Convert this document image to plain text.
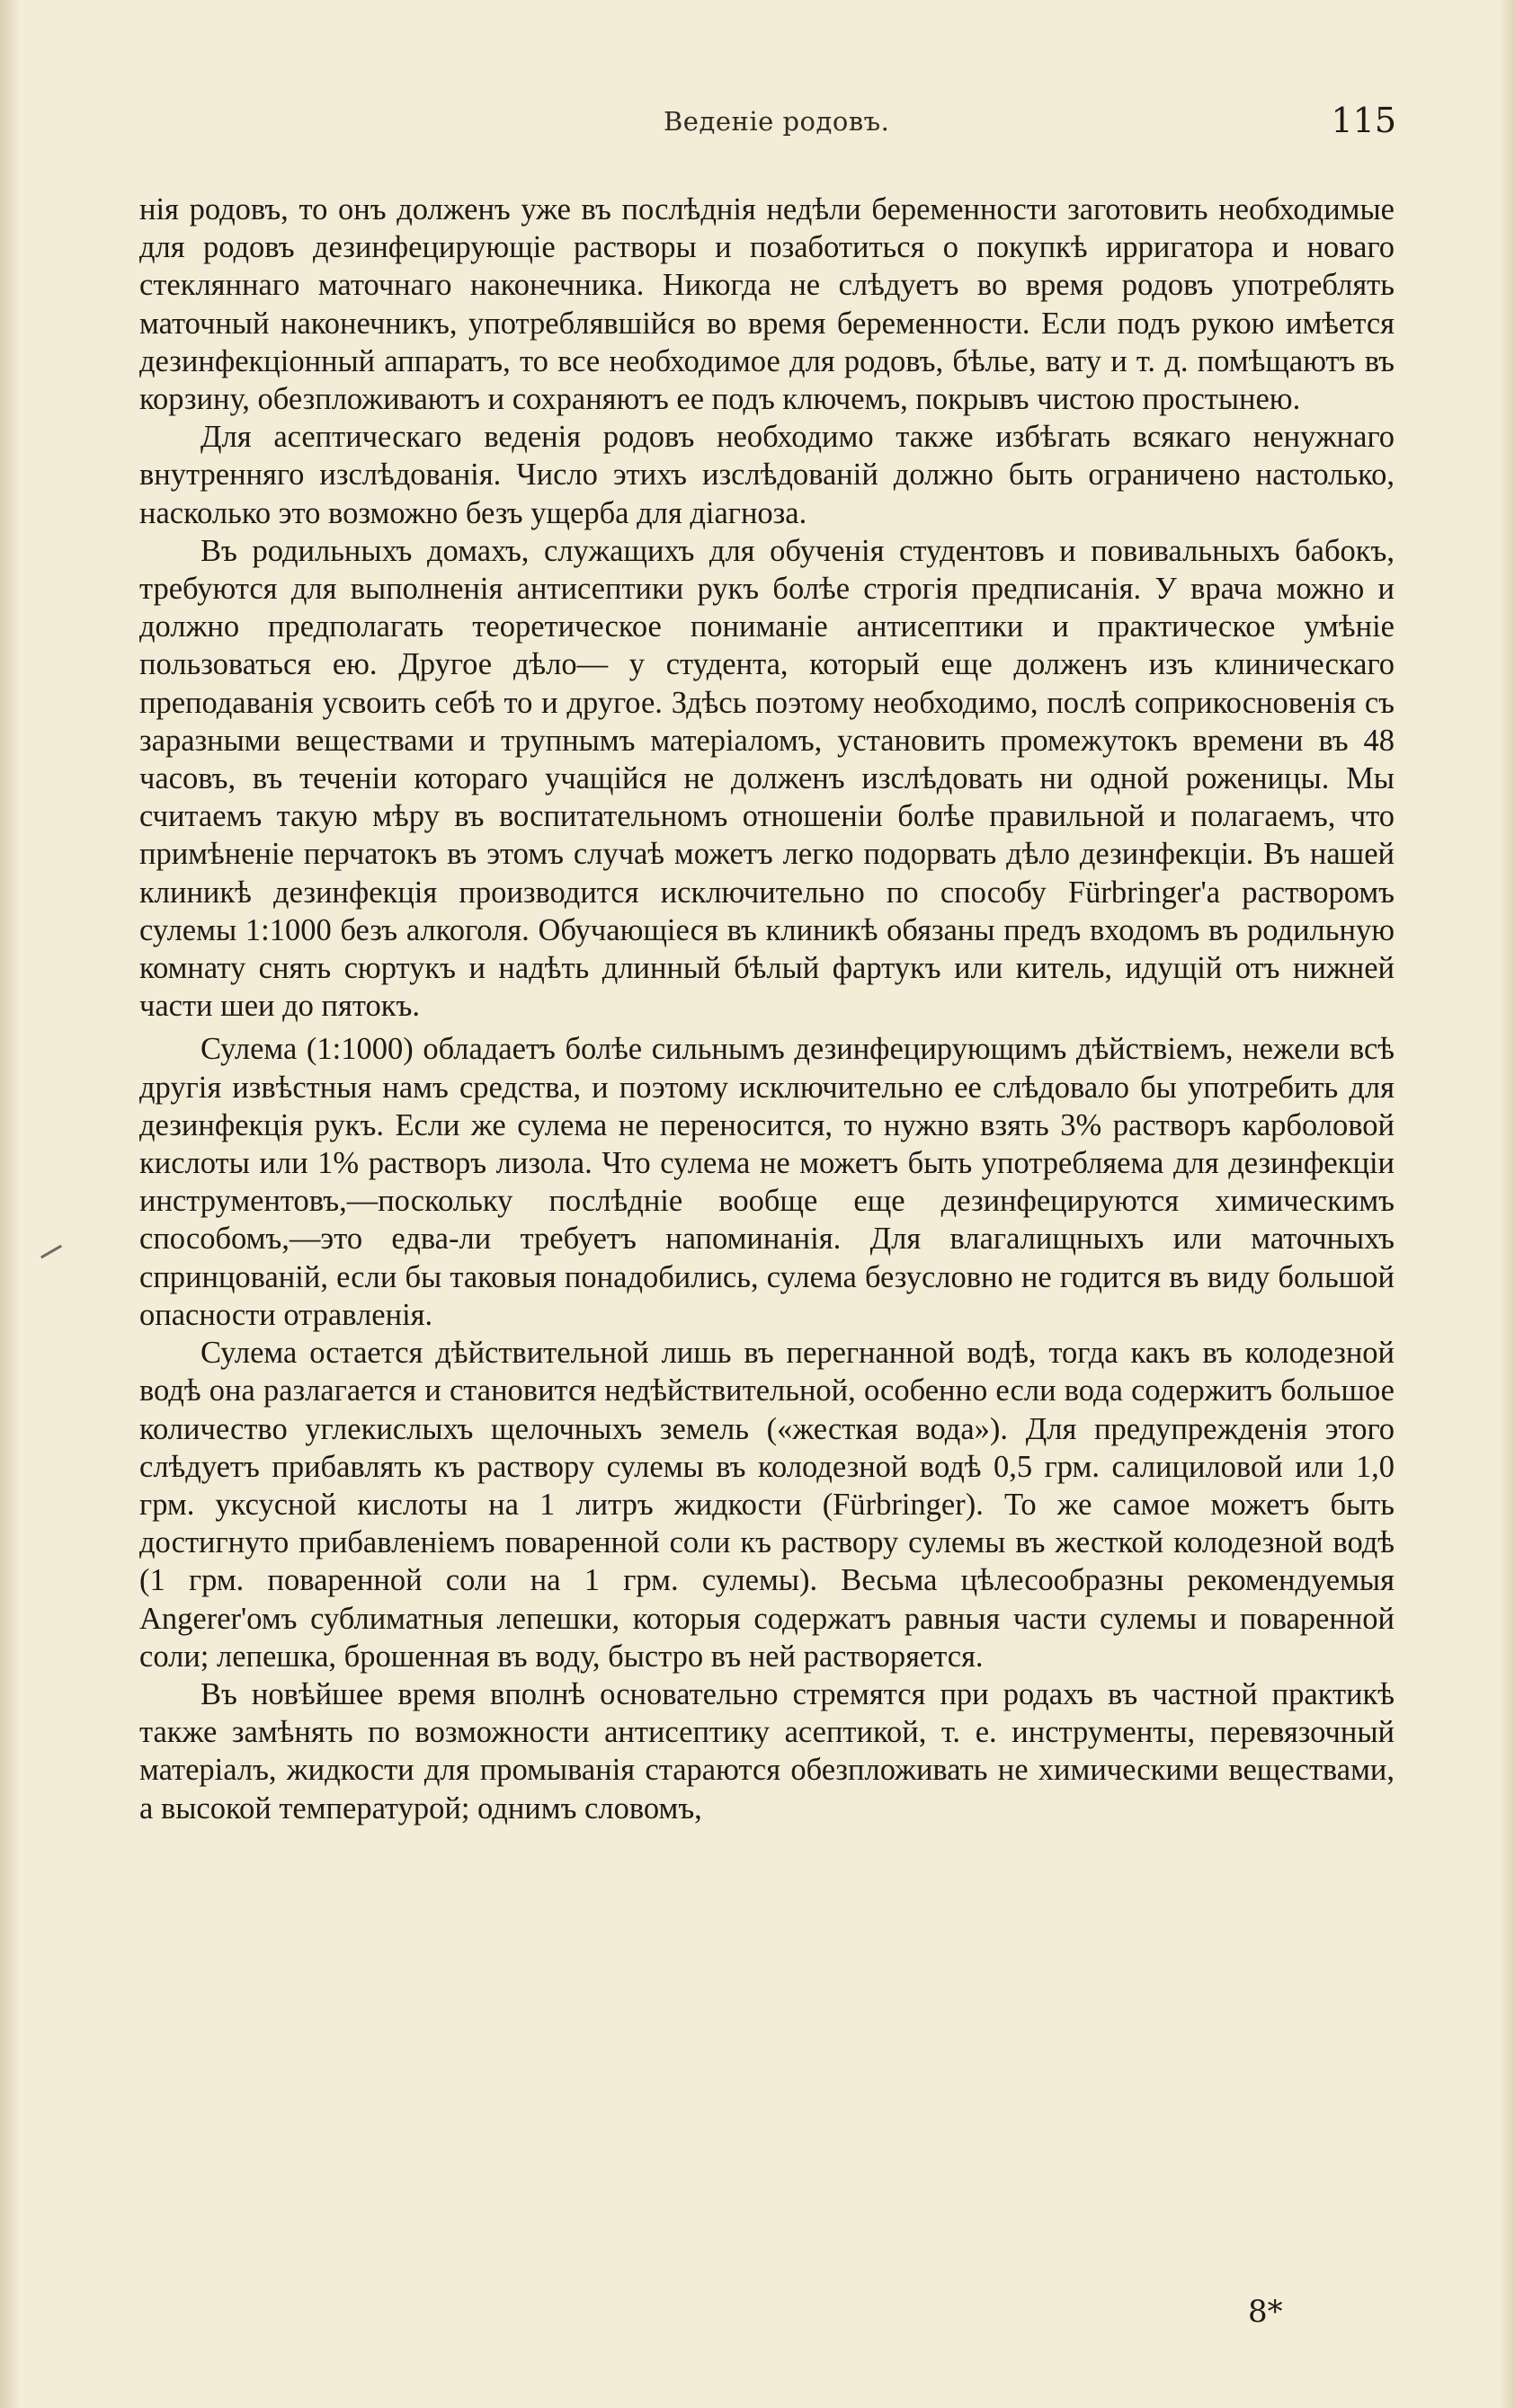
Веденіе родовъ.	115

нія родовъ, то онъ долженъ уже въ послѣднія недѣли беременности заготовить необходимые для родовъ дезинфецирующіе растворы и позаботиться о покупкѣ ирригатора и новаго стекляннаго маточнаго наконечника. Никогда не слѣдуетъ во время родовъ употреблять маточный наконечникъ, употреблявшійся во время беременности. Если подъ рукою имѣется дезинфекціонный аппаратъ, то все необходимое для родовъ, бѣлье, вату и т. д. помѣщаютъ въ корзину, обезпложиваютъ и сохраняютъ ее подъ ключемъ, покрывъ чистою простынею.

Для асептическаго веденія родовъ необходимо также избѣгать всякаго ненужнаго внутренняго изслѣдованія. Число этихъ изслѣдованій должно быть ограничено настолько, насколько это возможно безъ ущерба для діагноза.

Въ родильныхъ домахъ, служащихъ для обученія студентовъ и повивальныхъ бабокъ, требуются для выполненія антисептики рукъ болѣе строгія предписанія. У врача можно и должно предполагать теоретическое пониманіе антисептики и практическое умѣніе пользоваться ею. Другое дѣло— у студента, который еще долженъ изъ клиническаго преподаванія усвоить себѣ то и другое. Здѣсь поэтому необходимо, послѣ соприкосновенія съ заразными веществами и трупнымъ матеріаломъ, установить промежутокъ времени въ 48 часовъ, въ теченіи котораго учащійся не долженъ изслѣдовать ни одной роженицы. Мы считаемъ такую мѣру въ воспитательномъ отношеніи болѣе правильной и полагаемъ, что примѣненіе перчатокъ въ этомъ случаѣ можетъ легко подорвать дѣло дезинфекціи. Въ нашей клиникѣ дезинфекція производится исключительно по способу Fürbringer'а растворомъ сулемы 1:1000 безъ алкоголя. Обучающіеся въ клиникѣ обязаны предъ входомъ въ родильную комнату снять сюртукъ и надѣть длинный бѣлый фартукъ или китель, идущій отъ нижней части шеи до пятокъ.

Сулема (1:1000) обладаетъ болѣе сильнымъ дезинфецирующимъ дѣйствіемъ, нежели всѣ другія извѣстныя намъ средства, и поэтому исключительно ее слѣдовало бы употребить для дезинфекція рукъ. Если же сулема не переносится, то нужно взять 3% растворъ карболовой кислоты или 1% растворъ лизола. Что сулема не можетъ быть употребляема для дезинфекціи инструментовъ,—поскольку послѣдніе вообще еще дезинфецируются химическимъ способомъ,—это едва-ли требуетъ напоминанія. Для влагалищныхъ или маточныхъ спринцованій, если бы таковыя понадобились, сулема безусловно не годится въ виду большой опасности отравленія.

Сулема остается дѣйствительной лишь въ перегнанной водѣ, тогда какъ въ колодезной водѣ она разлагается и становится недѣйствительной, особенно если вода содержитъ большое количество углекислыхъ щелочныхъ земель («жесткая вода»). Для предупрежденія этого слѣдуетъ прибавлять къ раствору сулемы въ колодезной водѣ 0,5 грм. салициловой или 1,0 грм. уксусной кислоты на 1 литръ жидкости (Fürbringer). То же самое можетъ быть достигнуто прибавленіемъ поваренной соли къ раствору сулемы въ жесткой колодезной водѣ (1 грм. поваренной соли на 1 грм. сулемы). Весьма цѣлесообразны рекомендуемыя Angerer'омъ сублиматныя лепешки, которыя содержатъ равныя части сулемы и поваренной соли; лепешка, брошенная въ воду, быстро въ ней растворяется.

Въ новѣйшее время вполнѣ основательно стремятся при родахъ въ частной практикѣ также замѣнять по возможности антисептику асептикой, т. е. инструменты, перевязочный матеріалъ, жидкости для промыванія стараются обезпложивать не химическими веществами, а высокой температурой; однимъ словомъ,

8*
